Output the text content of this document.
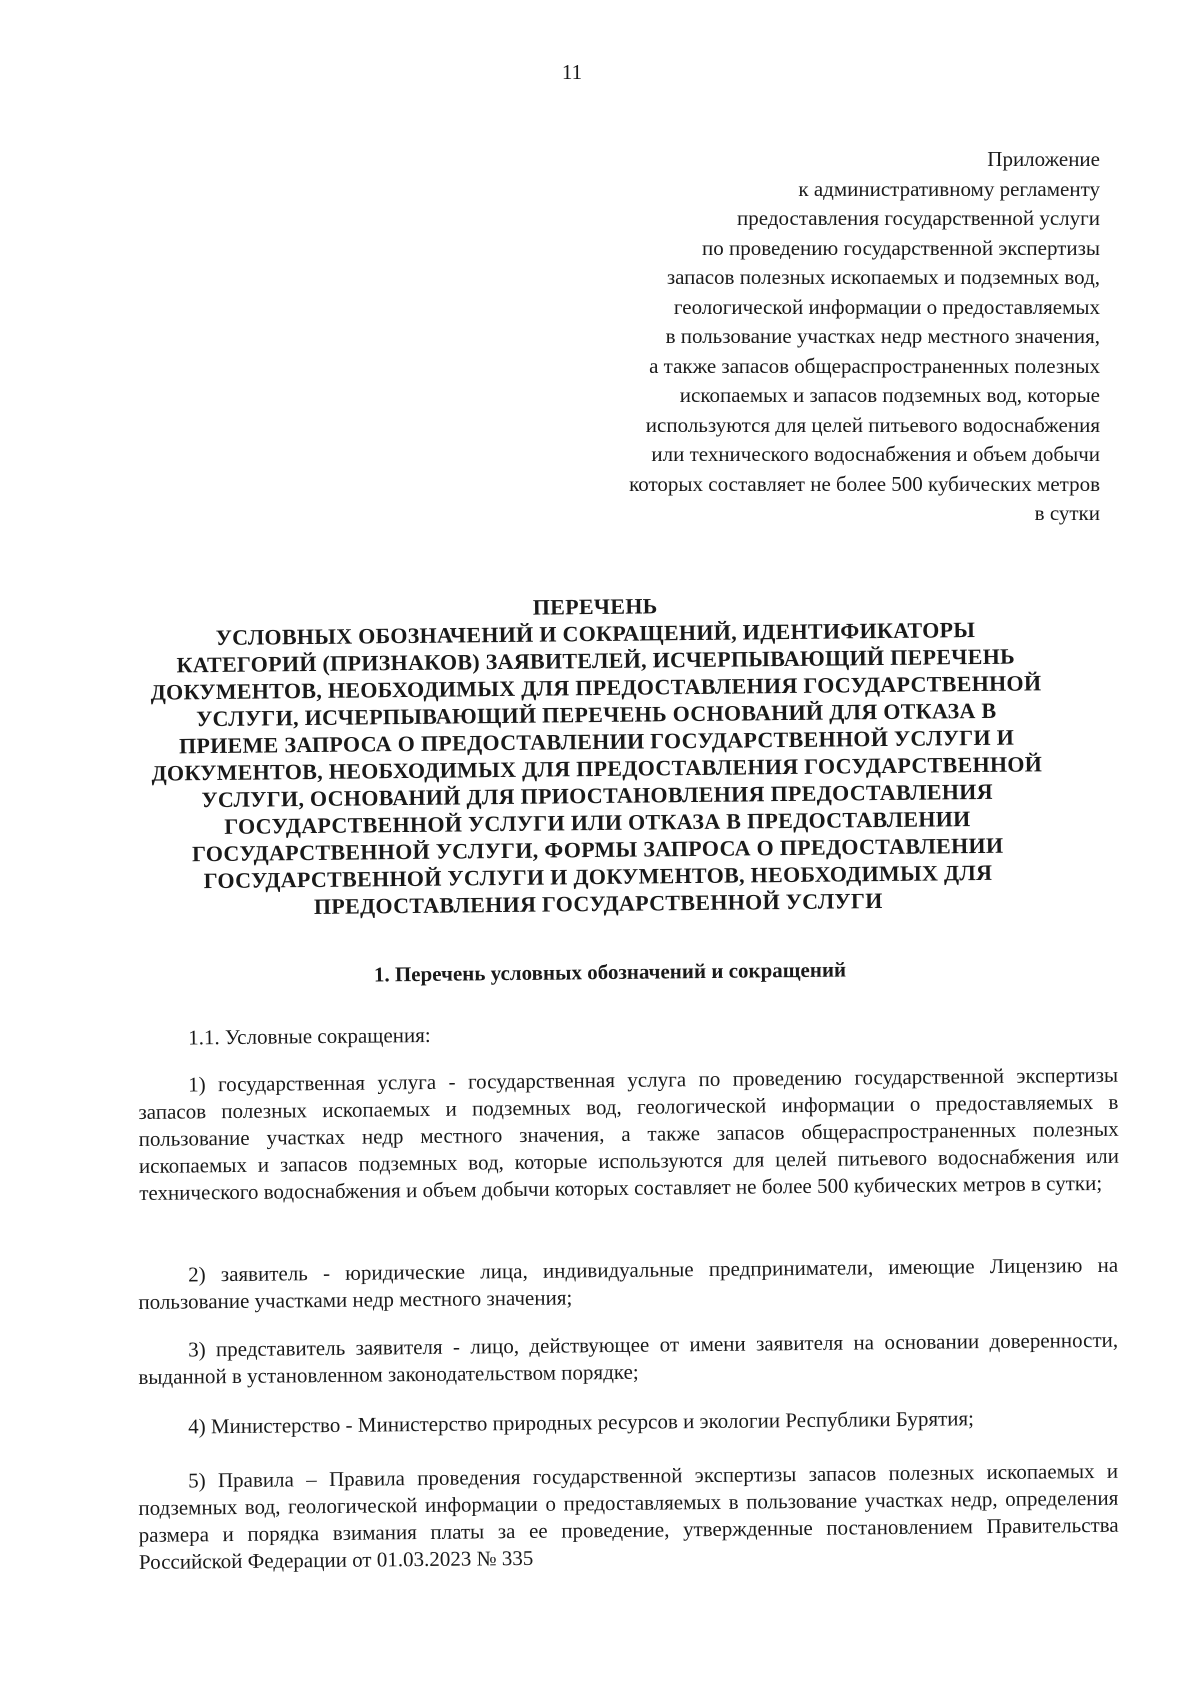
11
Приложение
к административному регламенту
предоставления государственной услуги
по проведению государственной экспертизы
запасов полезных ископаемых и подземных вод,
геологической информации о предоставляемых
в пользование участках недр местного значения,
а также запасов общераспространенных полезных
ископаемых и запасов подземных вод, которые
используются для целей питьевого водоснабжения
или технического водоснабжения и объем добычи
которых составляет не более 500 кубических метров
в сутки
ПЕРЕЧЕНЬ
УСЛОВНЫХ ОБОЗНАЧЕНИЙ И СОКРАЩЕНИЙ, ИДЕНТИФИКАТОРЫ
КАТЕГОРИЙ (ПРИЗНАКОВ) ЗАЯВИТЕЛЕЙ, ИСЧЕРПЫВАЮЩИЙ ПЕРЕЧЕНЬ
ДОКУМЕНТОВ, НЕОБХОДИМЫХ ДЛЯ ПРЕДОСТАВЛЕНИЯ ГОСУДАРСТВЕННОЙ
УСЛУГИ, ИСЧЕРПЫВАЮЩИЙ ПЕРЕЧЕНЬ ОСНОВАНИЙ ДЛЯ ОТКАЗА В
ПРИЕМЕ ЗАПРОСА О ПРЕДОСТАВЛЕНИИ ГОСУДАРСТВЕННОЙ УСЛУГИ И
ДОКУМЕНТОВ, НЕОБХОДИМЫХ ДЛЯ ПРЕДОСТАВЛЕНИЯ ГОСУДАРСТВЕННОЙ
УСЛУГИ, ОСНОВАНИЙ ДЛЯ ПРИОСТАНОВЛЕНИЯ ПРЕДОСТАВЛЕНИЯ
ГОСУДАРСТВЕННОЙ УСЛУГИ ИЛИ ОТКАЗА В ПРЕДОСТАВЛЕНИИ
ГОСУДАРСТВЕННОЙ УСЛУГИ, ФОРМЫ ЗАПРОСА О ПРЕДОСТАВЛЕНИИ
ГОСУДАРСТВЕННОЙ УСЛУГИ И ДОКУМЕНТОВ, НЕОБХОДИМЫХ ДЛЯ
ПРЕДОСТАВЛЕНИЯ ГОСУДАРСТВЕННОЙ УСЛУГИ
1. Перечень условных обозначений и сокращений

1.1. Условные сокращения:

1) государственная услуга - государственная услуга по проведению государственной экспертизы запасов полезных ископаемых и подземных вод, геологической информации о предоставляемых в пользование участках недр местного значения, а также запасов общераспространенных полезных ископаемых и запасов подземных вод, которые используются для целей питьевого водоснабжения или технического водоснабжения и объем добычи которых составляет не более 500 кубических метров в сутки;

2) заявитель - юридические лица, индивидуальные предприниматели, имеющие Лицензию на пользование участками недр местного значения;

3) представитель заявителя - лицо, действующее от имени заявителя на основании доверенности, выданной в установленном законодательством порядке;

4) Министерство - Министерство природных ресурсов и экологии Республики Бурятия;

5) Правила – Правила проведения государственной экспертизы запасов полезных ископаемых и подземных вод, геологической информации о предоставляемых в пользование участках недр, определения размера и порядка взимания платы за ее проведение, утвержденные постановлением Правительства Российской Федерации от 01.03.2023 № 335
